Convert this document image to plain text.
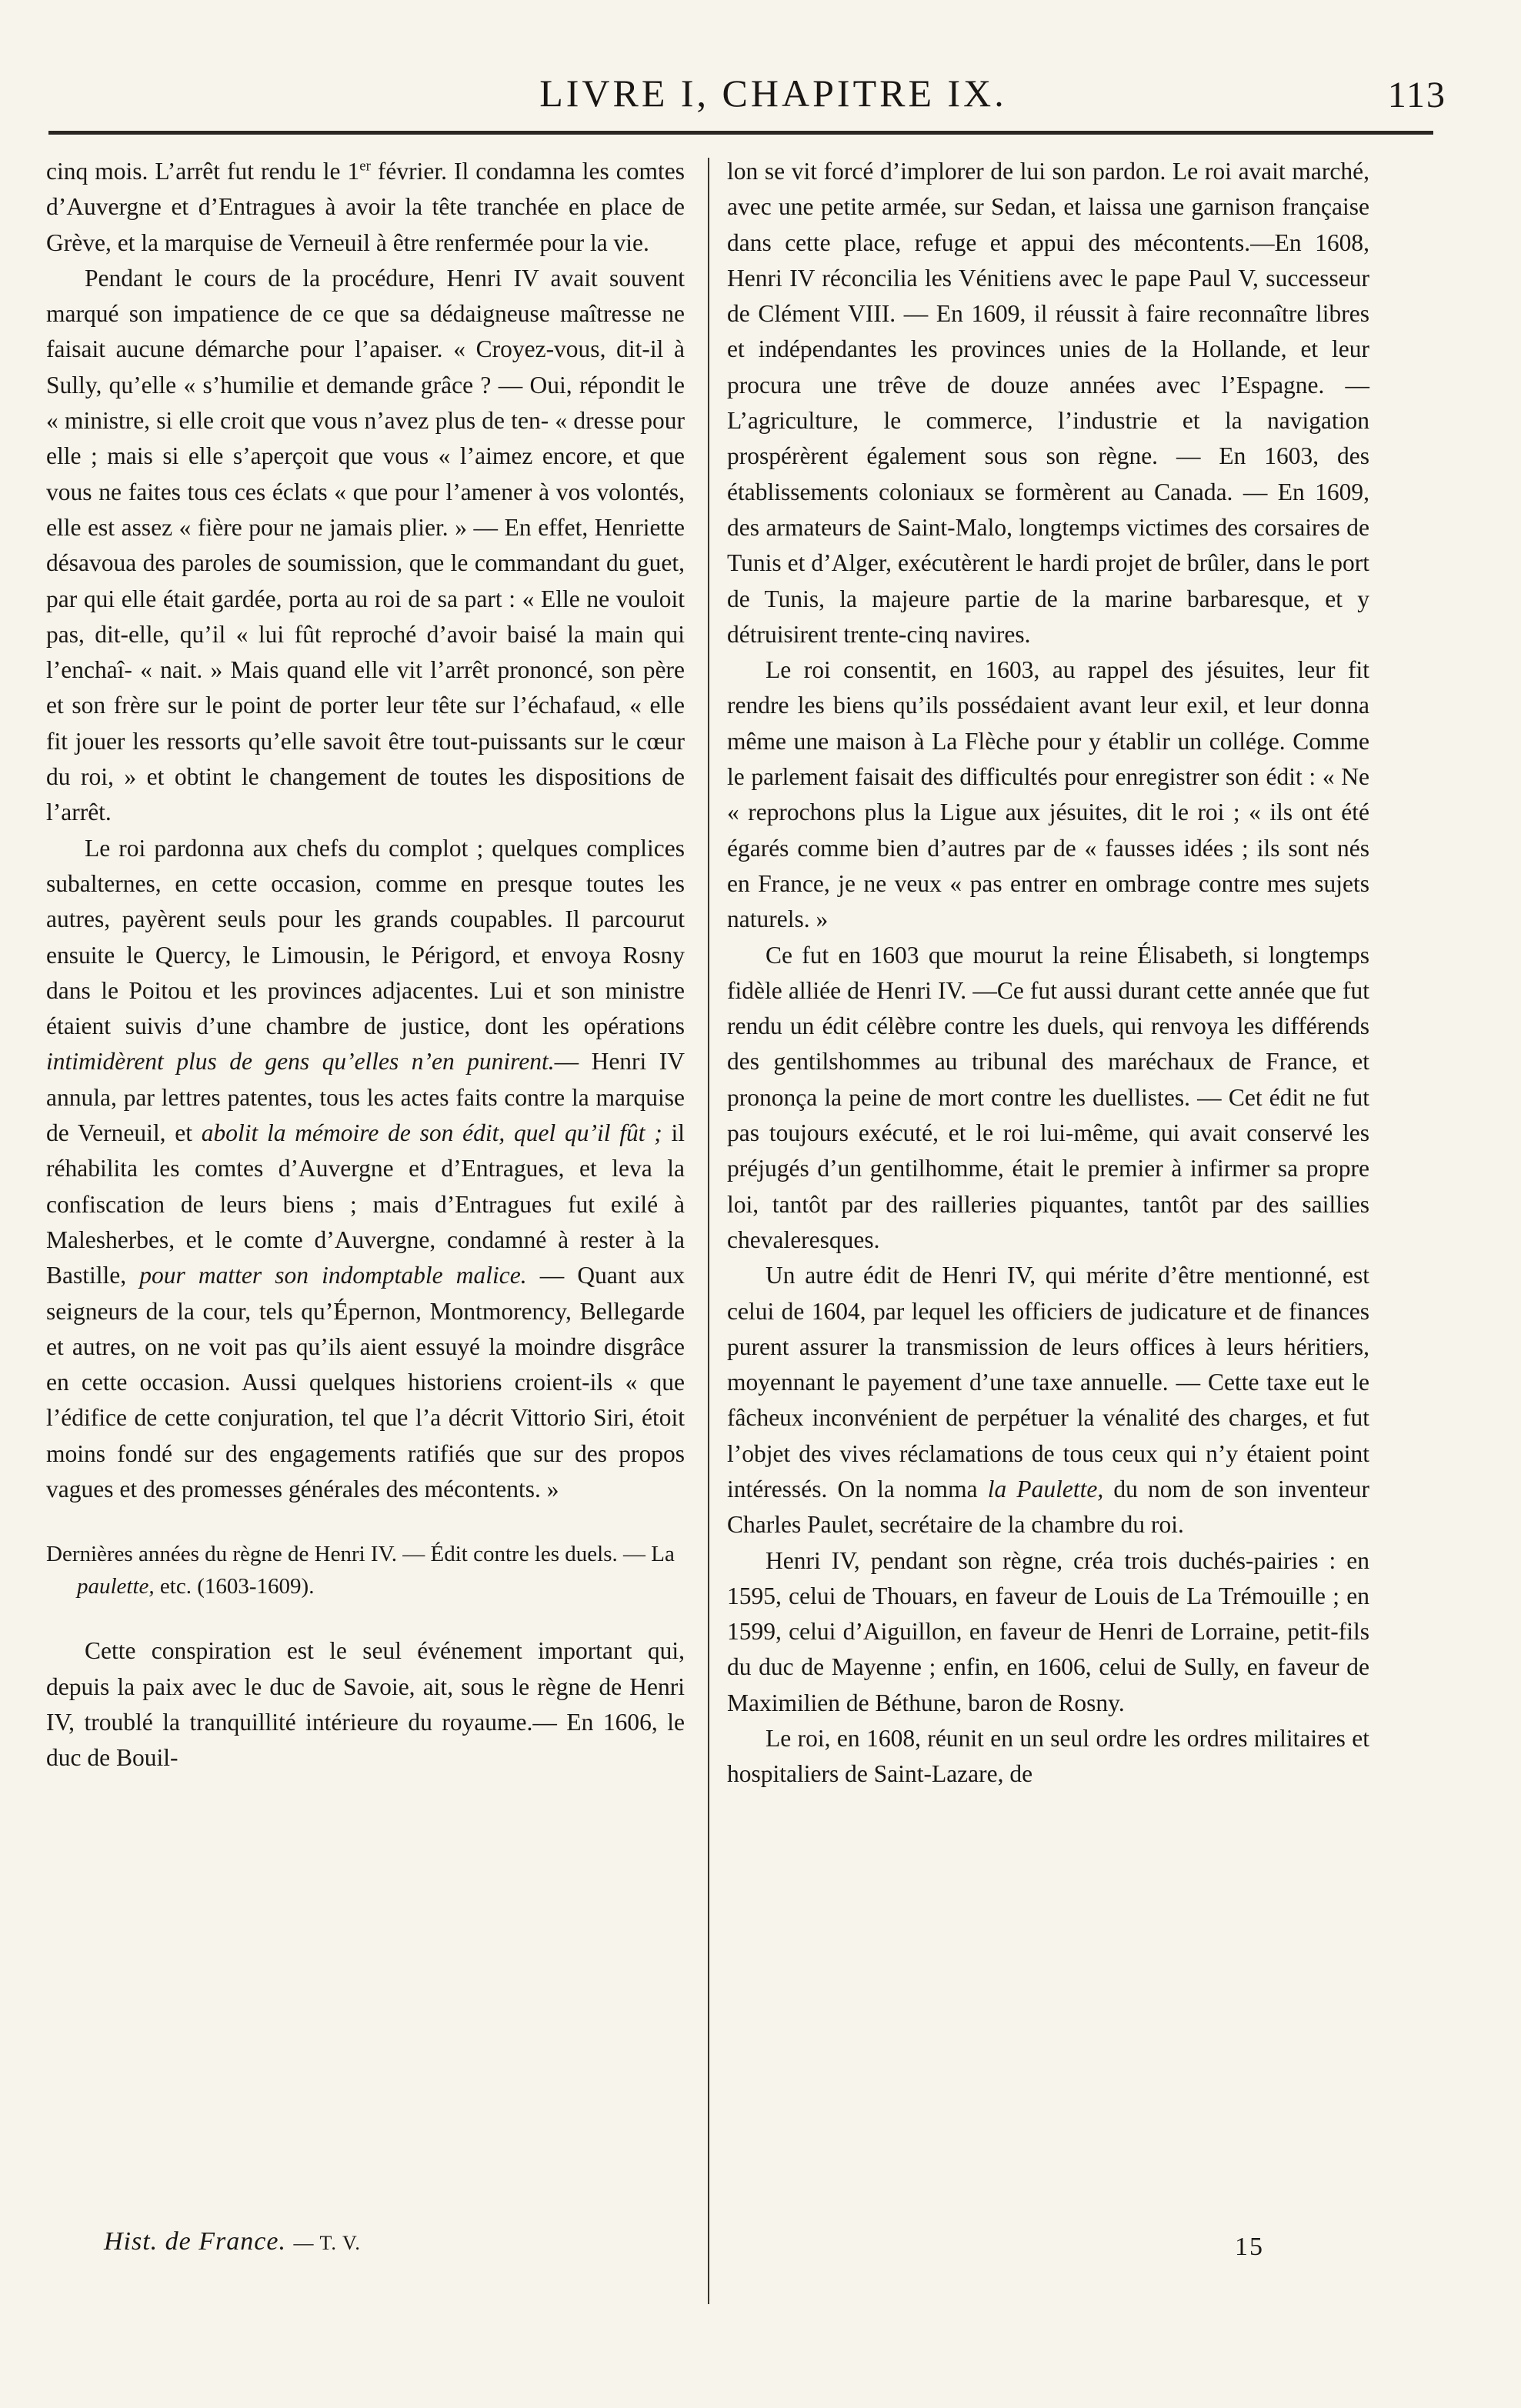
LIVRE I, CHAPITRE IX.	113

cinq mois. L’arrêt fut rendu le 1er février. Il condamna les comtes d’Auvergne et d’Entragues à avoir la tête tranchée en place de Grève, et la marquise de Verneuil à être renfermée pour la vie.

Pendant le cours de la procédure, Henri IV avait souvent marqué son impatience de ce que sa dédaigneuse maîtresse ne faisait aucune démarche pour l’apaiser. « Croyez-vous, dit-il à Sully, qu’elle « s’humilie et demande grâce ? — Oui, répondit le « ministre, si elle croit que vous n’avez plus de ten- « dresse pour elle ; mais si elle s’aperçoit que vous « l’aimez encore, et que vous ne faites tous ces éclats « que pour l’amener à vos volontés, elle est assez « fière pour ne jamais plier. » — En effet, Henriette désavoua des paroles de soumission, que le commandant du guet, par qui elle était gardée, porta au roi de sa part : « Elle ne vouloit pas, dit-elle, qu’il « lui fût reproché d’avoir baisé la main qui l’enchaî- « nait. » Mais quand elle vit l’arrêt prononcé, son père et son frère sur le point de porter leur tête sur l’échafaud, « elle fit jouer les ressorts qu’elle savoit être tout-puissants sur le cœur du roi, » et obtint le changement de toutes les dispositions de l’arrêt.

Le roi pardonna aux chefs du complot ; quelques complices subalternes, en cette occasion, comme en presque toutes les autres, payèrent seuls pour les grands coupables. Il parcourut ensuite le Quercy, le Limousin, le Périgord, et envoya Rosny dans le Poitou et les provinces adjacentes. Lui et son ministre étaient suivis d’une chambre de justice, dont les opérations intimidèrent plus de gens qu’elles n’en punirent.— Henri IV annula, par lettres patentes, tous les actes faits contre la marquise de Verneuil, et abolit la mémoire de son édit, quel qu’il fût ; il réhabilita les comtes d’Auvergne et d’Entragues, et leva la confiscation de leurs biens ; mais d’Entragues fut exilé à Malesherbes, et le comte d’Auvergne, condamné à rester à la Bastille, pour matter son indomptable malice. — Quant aux seigneurs de la cour, tels qu’Épernon, Montmorency, Bellegarde et autres, on ne voit pas qu’ils aient essuyé la moindre disgrâce en cette occasion. Aussi quelques historiens croient-ils « que l’édifice de cette conjuration, tel que l’a décrit Vittorio Siri, étoit moins fondé sur des engagements ratifiés que sur des propos vagues et des promesses générales des mécontents. »

Dernières années du règne de Henri IV. — Édit contre les duels. — La paulette, etc. (1603-1609).

Cette conspiration est le seul événement important qui, depuis la paix avec le duc de Savoie, ait, sous le règne de Henri IV, troublé la tranquillité intérieure du royaume.— En 1606, le duc de Bouil-

lon se vit forcé d’implorer de lui son pardon. Le roi avait marché, avec une petite armée, sur Sedan, et laissa une garnison française dans cette place, refuge et appui des mécontents.—En 1608, Henri IV réconcilia les Vénitiens avec le pape Paul V, successeur de Clément VIII. — En 1609, il réussit à faire reconnaître libres et indépendantes les provinces unies de la Hollande, et leur procura une trêve de douze années avec l’Espagne. — L’agriculture, le commerce, l’industrie et la navigation prospérèrent également sous son règne. — En 1603, des établissements coloniaux se formèrent au Canada. — En 1609, des armateurs de Saint-Malo, longtemps victimes des corsaires de Tunis et d’Alger, exécutèrent le hardi projet de brûler, dans le port de Tunis, la majeure partie de la marine barbaresque, et y détruisirent trente-cinq navires.

Le roi consentit, en 1603, au rappel des jésuites, leur fit rendre les biens qu’ils possédaient avant leur exil, et leur donna même une maison à La Flèche pour y établir un collége. Comme le parlement faisait des difficultés pour enregistrer son édit : « Ne « reprochons plus la Ligue aux jésuites, dit le roi ; « ils ont été égarés comme bien d’autres par de « fausses idées ; ils sont nés en France, je ne veux « pas entrer en ombrage contre mes sujets naturels. »

Ce fut en 1603 que mourut la reine Élisabeth, si longtemps fidèle alliée de Henri IV. —Ce fut aussi durant cette année que fut rendu un édit célèbre contre les duels, qui renvoya les différends des gentilshommes au tribunal des maréchaux de France, et prononça la peine de mort contre les duellistes. — Cet édit ne fut pas toujours exécuté, et le roi lui-même, qui avait conservé les préjugés d’un gentilhomme, était le premier à infirmer sa propre loi, tantôt par des railleries piquantes, tantôt par des saillies chevaleresques.

Un autre édit de Henri IV, qui mérite d’être mentionné, est celui de 1604, par lequel les officiers de judicature et de finances purent assurer la transmission de leurs offices à leurs héritiers, moyennant le payement d’une taxe annuelle. — Cette taxe eut le fâcheux inconvénient de perpétuer la vénalité des charges, et fut l’objet des vives réclamations de tous ceux qui n’y étaient point intéressés. On la nomma la Paulette, du nom de son inventeur Charles Paulet, secrétaire de la chambre du roi.

Henri IV, pendant son règne, créa trois duchés-pairies : en 1595, celui de Thouars, en faveur de Louis de La Trémouille ; en 1599, celui d’Aiguillon, en faveur de Henri de Lorraine, petit-fils du duc de Mayenne ; enfin, en 1606, celui de Sully, en faveur de Maximilien de Béthune, baron de Rosny.

Le roi, en 1608, réunit en un seul ordre les ordres militaires et hospitaliers de Saint-Lazare, de

Hist. de France. — T. V.	15
